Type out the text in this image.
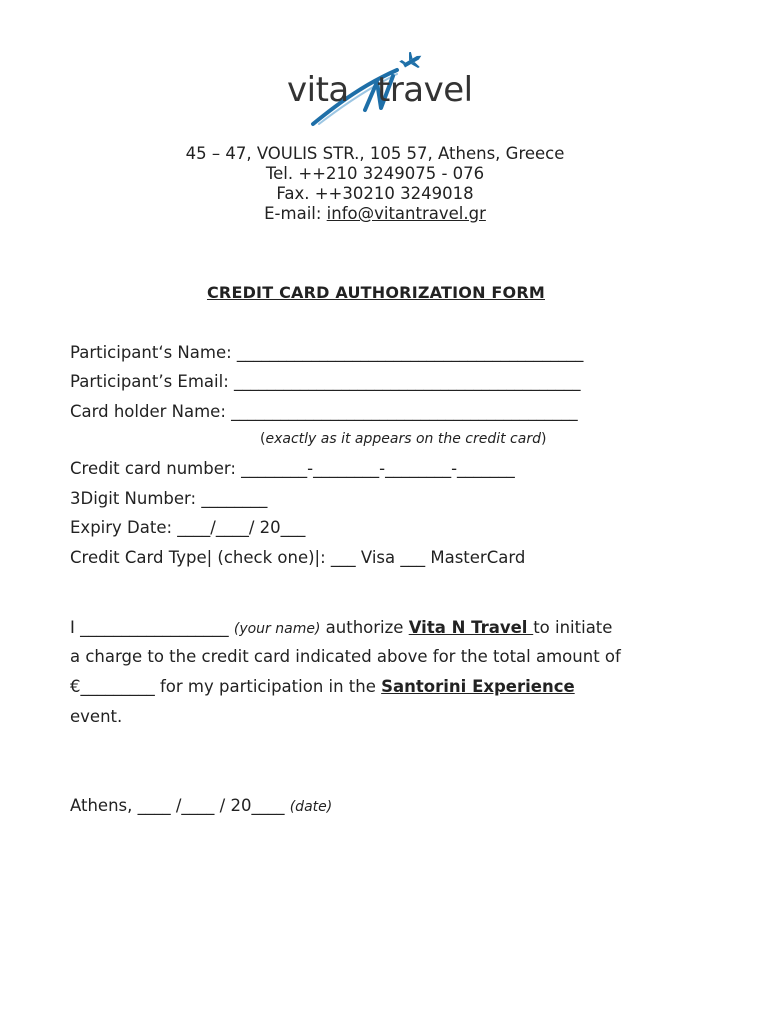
vita travel
45 – 47, VOULIS STR., 105 57, Athens, Greece
Tel. ++210 3249075 - 076
Fax. ++30210 3249018
E-mail: info@vitantravel.gr
CREDIT CARD AUTHORIZATION FORM
Participant‘s Name: __________________________________________
Participant’s Email: __________________________________________
Card holder Name: __________________________________________
(exactly as it appears on the credit card)
Credit card number: ________-________-________-_______
3Digit Number: ________
Expiry Date: ____/____/ 20___
Credit Card Type| (check one)|: ___ Visa ___ MasterCard
I __________________ (your name) authorize Vita N Travel to initiate
a charge to the credit card indicated above for the total amount of
€_________ for my participation in the Santorini Experience
event.
Athens, ____ /____ / 20____ (date)
